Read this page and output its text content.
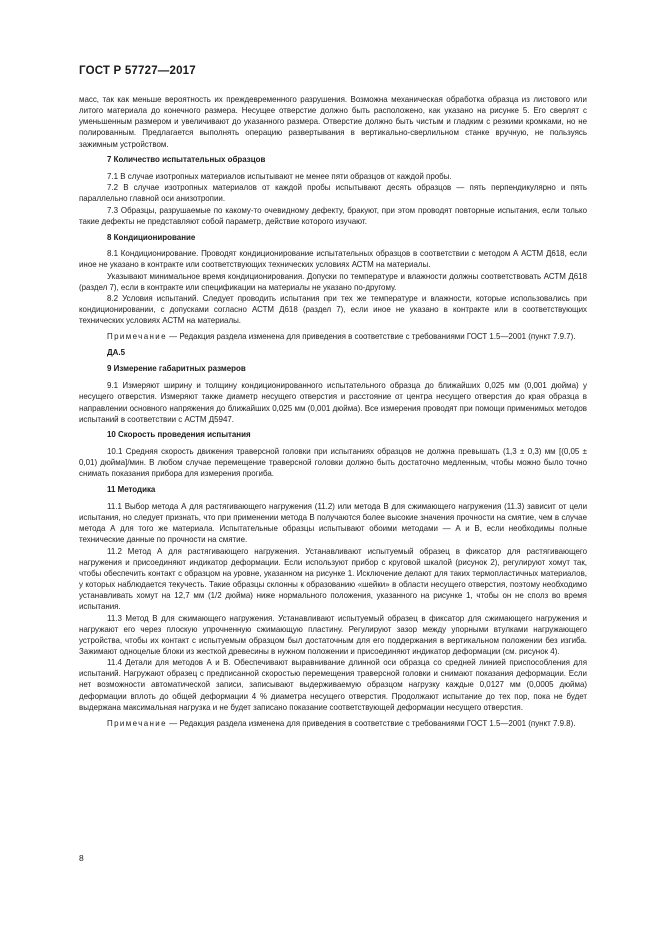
ГОСТ Р 57727—2017

масс, так как меньше вероятность их преждевременного разрушения. Возможна механическая обработка образца из листового или литого материала до конечного размера. Несущее отверстие должно быть расположено, как указано на рисунке 5. Его сверлят с уменьшенным размером и увеличивают до указанного размера. Отверстие должно быть чистым и гладким с резкими кромками, но не полированным. Предлагается выполнять операцию развертывания в вертикально-сверлильном станке вручную, не пользуясь зажимным устройством.

7 Количество испытательных образцов

7.1 В случае изотропных материалов испытывают не менее пяти образцов от каждой пробы.

7.2 В случае изотропных материалов от каждой пробы испытывают десять образцов — пять перпендикулярно и пять параллельно главной оси анизотропии.

7.3 Образцы, разрушаемые по какому-то очевидному дефекту, бракуют, при этом проводят повторные испытания, если только такие дефекты не представляют собой параметр, действие которого изучают.

8 Кондиционирование

8.1 Кондиционирование. Проводят кондиционирование испытательных образцов в соответствии с методом А АСТМ Д618, если иное не указано в контракте или соответствующих технических условиях АСТМ на материалы.

Указывают минимальное время кондиционирования. Допуски по температуре и влажности должны соответствовать АСТМ Д618 (раздел 7), если в контракте или спецификации на материалы не указано по-другому.

8.2 Условия испытаний. Следует проводить испытания при тех же температуре и влажности, которые использовались при кондиционировании, с допусками согласно АСТМ Д618 (раздел 7), если иное не указано в контракте или в соответствующих технических условиях АСТМ на материалы.

Примечание — Редакция раздела изменена для приведения в соответствие с требованиями ГОСТ 1.5—2001 (пункт 7.9.7).

ДА.5

9 Измерение габаритных размеров

9.1 Измеряют ширину и толщину кондиционированного испытательного образца до ближайших 0,025 мм (0,001 дюйма) у несущего отверстия. Измеряют также диаметр несущего отверстия и расстояние от центра несущего отверстия до края образца в направлении основного напряжения до ближайших 0,025 мм (0,001 дюйма). Все измерения проводят при помощи применимых методов испытаний в соответствии с АСТМ Д5947.

10 Скорость проведения испытания

10.1 Средняя скорость движения траверсной головки при испытаниях образцов не должна превышать (1,3 ± 0,3) мм [(0,05 ± 0,01) дюйма]/мин. В любом случае перемещение траверсной головки должно быть достаточно медленным, чтобы можно было точно снимать показания прибора для измерения прогиба.

11 Методика

11.1 Выбор метода А для растягивающего нагружения (11.2) или метода В для сжимающего нагружения (11.3) зависит от цели испытания, но следует признать, что при применении метода В получаются более высокие значения прочности на смятие, чем в случае метода А для того же материала. Испытательные образцы испытывают обоими методами — А и В, если необходимы полные технические данные по прочности на смятие.

11.2 Метод А для растягивающего нагружения. Устанавливают испытуемый образец в фиксатор для растягивающего нагружения и присоединяют индикатор деформации. Если используют прибор с круговой шкалой (рисунок 2), регулируют хомут так, чтобы обеспечить контакт с образцом на уровне, указанном на рисунке 1. Исключение делают для таких термопластичных материалов, у которых наблюдается текучесть. Такие образцы склонны к образованию «шейки» в области несущего отверстия, поэтому необходимо устанавливать хомут на 12,7 мм (1/2 дюйма) ниже нормального положения, указанного на рисунке 1, чтобы он не сполз во время испытания.

11.3 Метод В для сжимающего нагружения. Устанавливают испытуемый образец в фиксатор для сжимающего нагружения и нагружают его через плоскую упрочненную сжимающую пластину. Регулируют зазор между упорными втулками нагружающего устройства, чтобы их контакт с испытуемым образцом был достаточным для его поддержания в вертикальном положении без изгиба. Зажимают одноцелые блоки из жесткой древесины в нужном положении и присоединяют индикатор деформации (см. рисунок 4).

11.4 Детали для методов А и В. Обеспечивают выравнивание длинной оси образца со средней линией приспособления для испытаний. Нагружают образец с предписанной скоростью перемещения траверсной головки и снимают показания деформации. Если нет возможности автоматической записи, записывают выдерживаемую образцом нагрузку каждые 0,0127 мм (0,0005 дюйма) деформации вплоть до общей деформации 4 % диаметра несущего отверстия. Продолжают испытание до тех пор, пока не будет выдержана максимальная нагрузка и не будет записано показание соответствующей деформации несущего отверстия.

Примечание — Редакция раздела изменена для приведения в соответствие с требованиями ГОСТ 1.5—2001 (пункт 7.9.8).

8
